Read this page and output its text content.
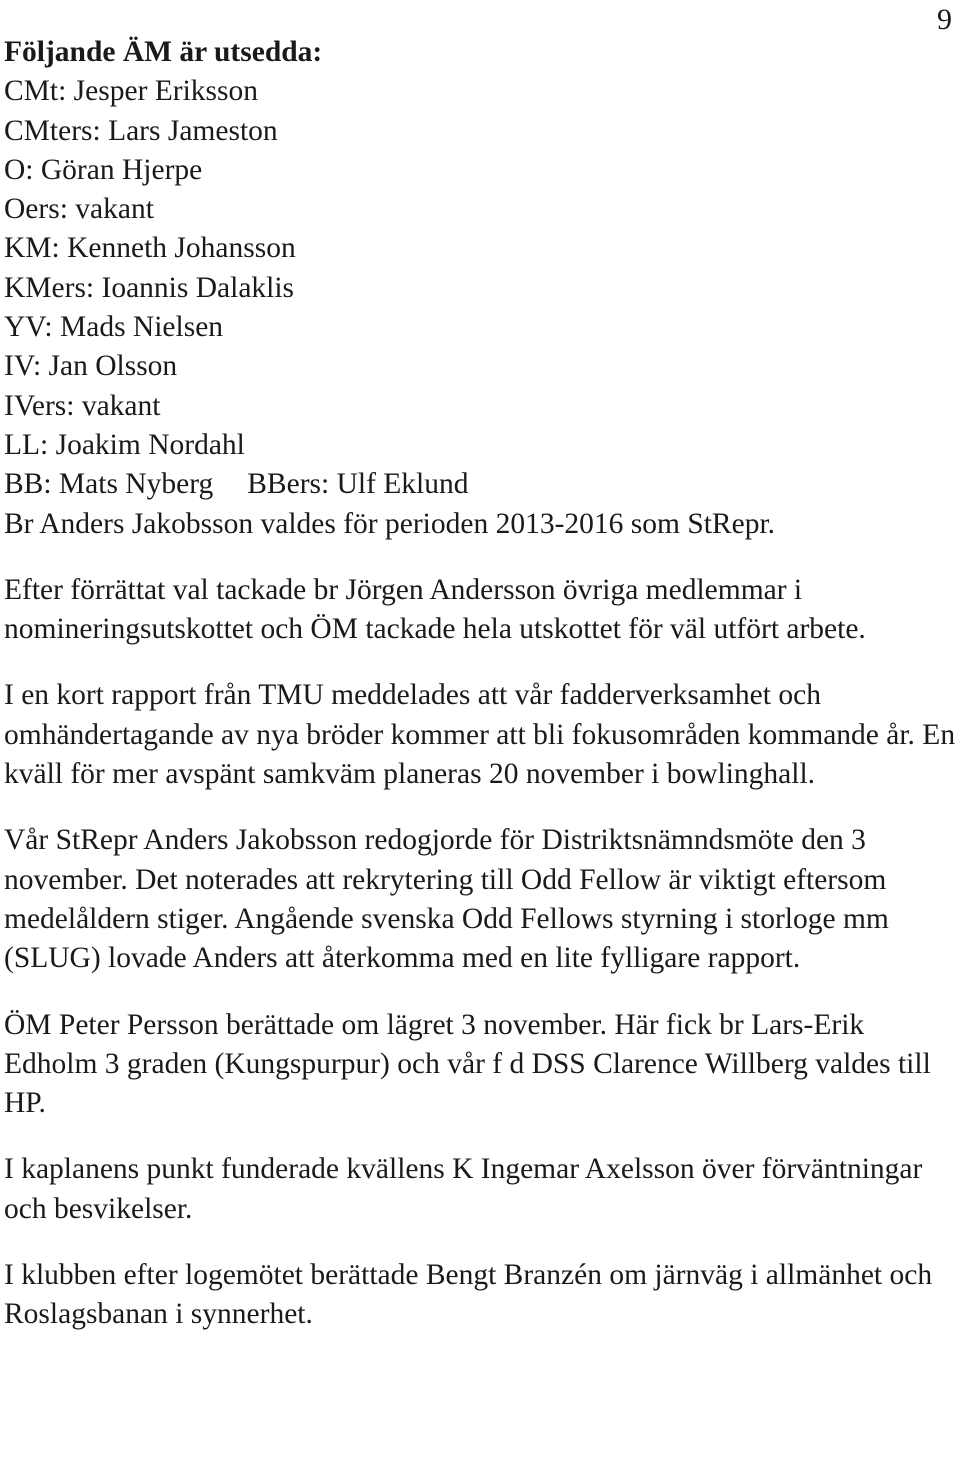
9

Följande ÄM är utsedda:

CMt: Jesper Eriksson

CMters: Lars Jameston

O: Göran Hjerpe

Oers: vakant

KM: Kenneth Johansson

KMers: Ioannis Dalaklis

YV: Mads Nielsen

IV: Jan Olsson

IVers: vakant

LL: Joakim Nordahl

BB: Mats Nyberg BBers: Ulf Eklund

Br Anders Jakobsson valdes för perioden 2013-2016 som StRepr.

Efter förrättat val tackade br Jörgen Andersson övriga medlemmar i nomineringsutskottet och ÖM tackade hela utskottet för väl utfört arbete.

I en kort rapport från TMU meddelades att vår fadderverksamhet och omhändertagande av nya bröder kommer att bli fokusområden kommande år. En kväll för mer avspänt samkväm planeras 20 november i bowlinghall.

Vår StRepr Anders Jakobsson redogjorde för Distriktsnämndsmöte den 3 november. Det noterades att rekrytering till Odd Fellow är viktigt eftersom medelåldern stiger. Angående svenska Odd Fellows styrning i storloge mm (SLUG) lovade Anders att återkomma med en lite fylligare rapport.

ÖM Peter Persson berättade om lägret 3 november. Här fick br Lars-Erik Edholm 3 graden (Kungspurpur) och vår f d DSS Clarence Willberg valdes till HP.

I kaplanens punkt funderade kvällens K Ingemar Axelsson över förväntningar och besvikelser.

I klubben efter logemötet berättade Bengt Branzén om järnväg i allmänhet och Roslagsbanan i synnerhet.
